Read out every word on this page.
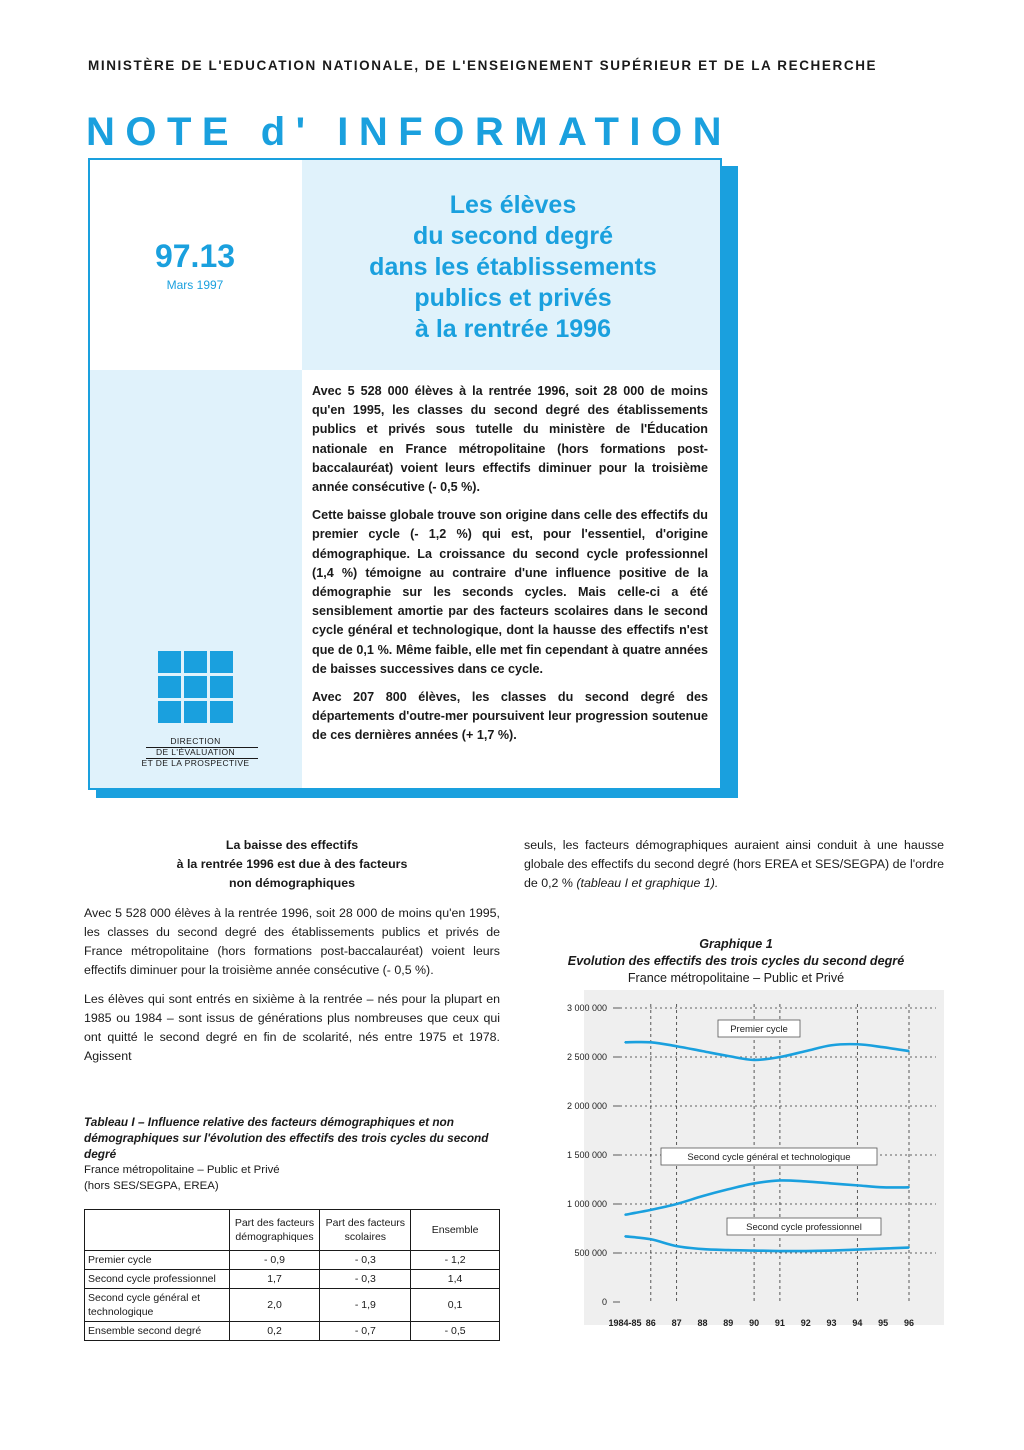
MINISTÈRE DE L'EDUCATION NATIONALE, DE L'ENSEIGNEMENT SUPÉRIEUR ET DE LA RECHERCHE
NOTE d' INFORMATION
97.13
Mars 1997
Les élèves
du second degré
dans les établissements
publics et privés
à la rentrée 1996

Avec 5 528 000 élèves à la rentrée 1996, soit 28 000 de moins qu'en 1995, les classes du second degré des établissements publics et privés sous tutelle du ministère de l'Éducation nationale en France métropolitaine (hors formations post-baccalauréat) voient leurs effectifs diminuer pour la troisième année consécutive (- 0,5 %).

Cette baisse globale trouve son origine dans celle des effectifs du premier cycle (- 1,2 %) qui est, pour l'essentiel, d'origine démographique. La croissance du second cycle professionnel (1,4 %) témoigne au contraire d'une influence positive de la démographie sur les seconds cycles. Mais celle-ci a été sensiblement amortie par des facteurs scolaires dans le second cycle général et technologique, dont la hausse des effectifs n'est que de 0,1 %. Même faible, elle met fin cependant à quatre années de baisses successives dans ce cycle.

Avec 207 800 élèves, les classes du second degré des départements d'outre-mer poursuivent leur progression soutenue de ces dernières années (+ 1,7 %).

DIRECTION
DE L'ÉVALUATION
ET DE LA PROSPECTIVE
La baisse des effectifs
à la rentrée 1996 est due à des facteurs
non démographiques

Avec 5 528 000 élèves à la rentrée 1996, soit 28 000 de moins qu'en 1995, les classes du second degré des établissements publics et privés de France métropolitaine (hors formations post-baccalauréat) voient leurs effectifs diminuer pour la troisième année consécutive (- 0,5 %).

Les élèves qui sont entrés en sixième à la rentrée – nés pour la plupart en 1985 ou 1984 – sont issus de générations plus nombreuses que ceux qui ont quitté le second degré en fin de scolarité, nés entre 1975 et 1978. Agissent

seuls, les facteurs démographiques auraient ainsi conduit à une hausse globale des effectifs du second degré (hors EREA et SES/SEGPA) de l'ordre de 0,2 % (tableau I et graphique 1).
Tableau I – Influence relative des facteurs démographiques et non démographiques sur l'évolution des effectifs des trois cycles du second degré
France métropolitaine – Public et Privé
(hors SES/SEGPA, EREA)
	Part des facteurs démographiques	Part des facteurs scolaires	Ensemble
Premier cycle	- 0,9	- 0,3	- 1,2
Second cycle professionnel	1,7	- 0,3	1,4
Second cycle général et technologique	2,0	- 1,9	0,1
Ensemble second degré	0,2	- 0,7	- 0,5
Graphique 1
Evolution des effectifs des trois cycles du second degré
France métropolitaine – Public et Privé
0
500 000
1 000 000
1 500 000
2 000 000
2 500 000
3 000 000
1984-85 86 87 88 89 90 91 92 93 94 95 96
Premier cycle
Second cycle général et technologique
Second cycle professionnel
